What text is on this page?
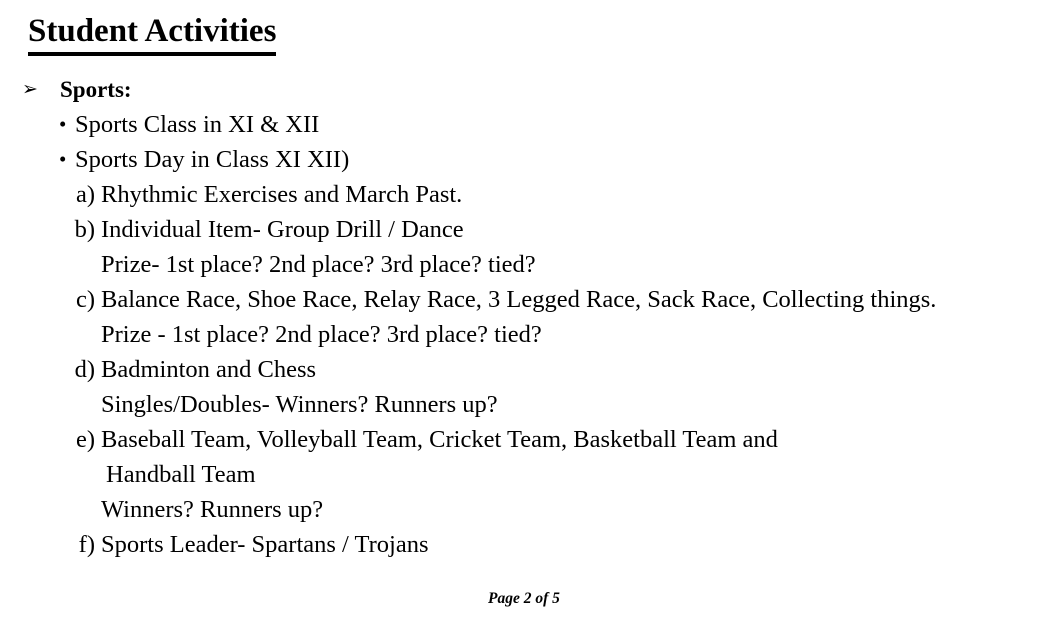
Student Activities
➢ Sports:
• Sports Class in XI & XII
• Sports Day in Class XI XII)
a) Rhythmic Exercises and March Past.
b) Individual Item- Group Drill / Dance
Prize- 1st place? 2nd place? 3rd place? tied?
c) Balance Race, Shoe Race, Relay Race, 3 Legged Race, Sack Race, Collecting things.
Prize - 1st place? 2nd place? 3rd place? tied?
d) Badminton and Chess
Singles/Doubles- Winners? Runners up?
e) Baseball Team, Volleyball Team, Cricket Team, Basketball Team and
Handball Team
Winners? Runners up?
f) Sports Leader- Spartans / Trojans
Page 2 of 5
